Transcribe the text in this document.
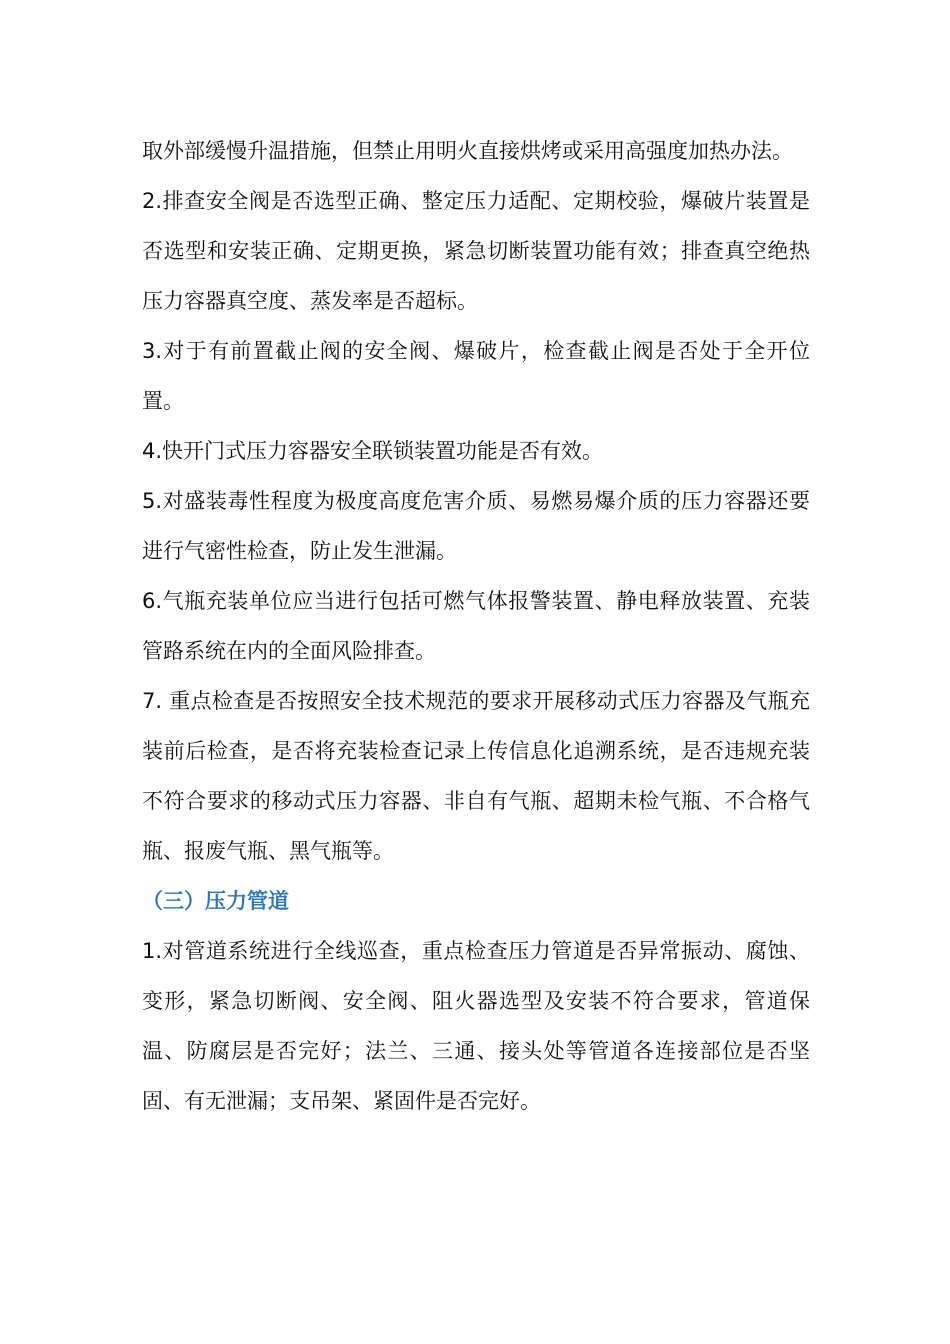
取外部缓慢升温措施，但禁止用明火直接烘烤或采用高强度加热办法。

2.排查安全阀是否选型正确、整定压力适配、定期校验，爆破片装置是否选型和安装正确、定期更换，紧急切断装置功能有效；排查真空绝热压力容器真空度、蒸发率是否超标。

3.对于有前置截止阀的安全阀、爆破片，检查截止阀是否处于全开位置。

4.快开门式压力容器安全联锁装置功能是否有效。

5.对盛装毒性程度为极度高度危害介质、易燃易爆介质的压力容器还要进行气密性检查，防止发生泄漏。

6.气瓶充装单位应当进行包括可燃气体报警装置、静电释放装置、充装管路系统在内的全面风险排查。

7. 重点检查是否按照安全技术规范的要求开展移动式压力容器及气瓶充装前后检查，是否将充装检查记录上传信息化追溯系统，是否违规充装不符合要求的移动式压力容器、非自有气瓶、超期未检气瓶、不合格气瓶、报废气瓶、黑气瓶等。

（三）压力管道

1.对管道系统进行全线巡查，重点检查压力管道是否异常振动、腐蚀、变形，紧急切断阀、安全阀、阻火器选型及安装不符合要求，管道保温、防腐层是否完好；法兰、三通、接头处等管道各连接部位是否坚固、有无泄漏；支吊架、紧固件是否完好。
